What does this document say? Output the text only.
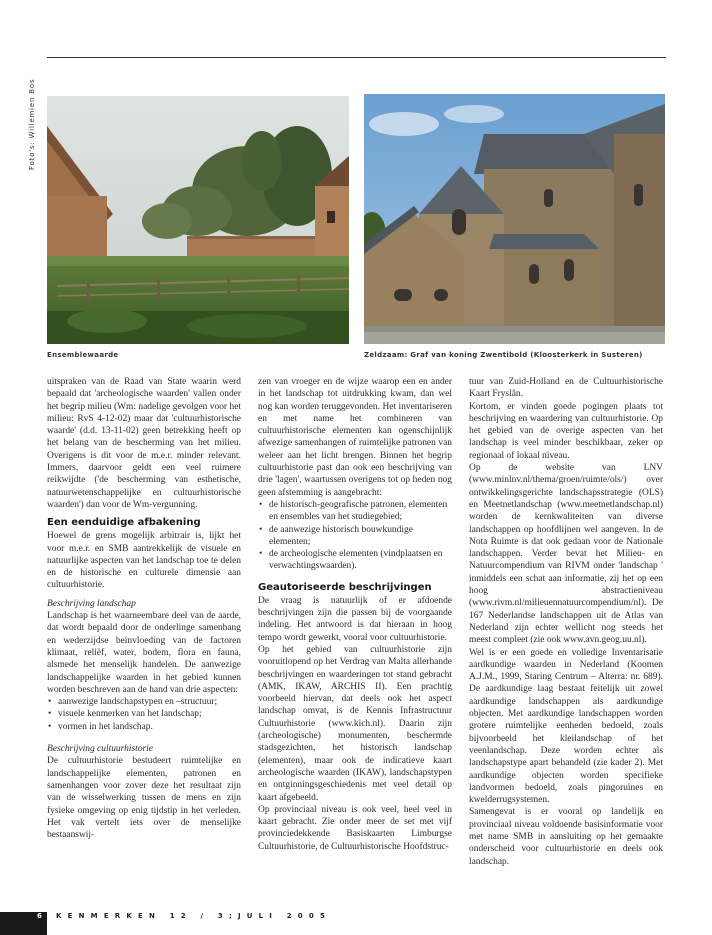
Foto's: Willemien Bos
Ensemblewaarde	Zeldzaam: Graf van koning Zwentibold (Kloosterkerk in Susteren)

uitspraken van de Raad van State waarin werd bepaald dat 'archeologische waarden' vallen onder het begrip milieu (Wm: nadelige gevolgen voor het milieu: RvS 4-12-02) maar dat 'cultuurhistorische waarde' (d.d. 13-11-02) geen betrekking heeft op het belang van de bescherming van het milieu. Overigens is dit voor de m.e.r. minder relevant. Immers, daarvoor geldt een veel ruimere reikwijdte ('de bescherming van esthetische, natuurwetenschappelijke en cultuurhistorische waarden') dan voor de Wm-vergunning.

Een eenduidige afbakening

Hoewel de grens mogelijk arbitrair is, lijkt het voor m.e.r. en SMB aantrekkelijk de visuele en natuurlijke aspecten van het landschap toe te delen en de historische en culturele dimensie aan cultuurhistorie.

Beschrijving landschap

Landschap is het waarneembare deel van de aarde, dat wordt bepaald door de onderlinge samenhang en wederzijdse beïnvloeding van de factoren klimaat, reliëf, water, bodem, flora en fauna, alsmede het menselijk handelen. De aanwezige landschappelijke waarden in het gebied kunnen worden beschreven aan de hand van drie aspecten:

• aanwezige landschapstypen en –structuur;
• visuele kenmerken van het landschap;
• vormen in het landschap.
Beschrijving cultuurhistorie

De cultuurhistorie bestudeert ruimtelijke en landschappelijke elementen, patronen en samenhangen voor zover deze het resultaat zijn van de wisselwerking tussen de mens en zijn fysieke omgeving op enig tijdstip in het verleden. Het vak vertelt iets over de menselijke bestaanswij-

zen van vroeger en de wijze waarop een en ander in het landschap tot uitdrukking kwam, dan wel nog kan worden teruggevonden. Het inventariseren en met name het combineren van cultuurhistorische elementen kan ogenschijnlijk afwezige samenhangen of ruimtelijke patronen van weleer aan het licht brengen. Binnen het begrip cultuurhistorie past dan ook een beschrijving van drie 'lagen', waartussen overigens tot op heden nog geen afstemming is aangebracht:

• de historisch-geografische patronen, elementen en ensembles van het studiegebied;
• de aanwezige historisch bouwkundige elementen;
• de archeologische elementen (vindplaatsen en verwachtingswaarden).
Geautoriseerde beschrijvingen

De vraag is natuurlijk of er afdoende beschrijvingen zijn die passen bij de voorgaande indeling. Het antwoord is dat hieraan in hoog tempo wordt gewerkt, vooral voor cultuurhistorie.

Op het gebied van cultuurhistorie zijn vooruitlopend op het Verdrag van Malta allerhande beschrijvingen en waarderingen tot stand gebracht (AMK, IKAW, ARCHIS II). Een prachtig voorbeeld hiervan, dat deels ook het aspect landschap omvat, is de Kennis Infrastructuur Cultuurhistorie (www.kich.nl). Daarin zijn (archeologische) monumenten, beschermde stadsgezichten, het historisch landschap (elementen), maar ook de indicatieve kaart archeologische waarden (IKAW), landschapstypen en ontginningsgeschiedenis met veel detail op kaart afgebeeld.

Op provinciaal niveau is ook veel, heel veel in kaart gebracht. Zie onder meer de set met vijf provinciedekkende Basiskaarten Limburgse Cultuurhistorie, de Cultuurhistorische Hoofdstruc-

tuur van Zuid-Holland en de Cultuurhistorische Kaart Fryslân.

Kortom, er vinden goede pogingen plaats tot beschrijving en waardering van cultuurhistorie. Op het gebied van de overige aspecten van het landschap is veel minder beschikbaar, zeker op regionaal of lokaal niveau.

Op de website van LNV (www.minlnv.nl/thema/groen/ruimte/ols/) over ontwikkelingsgerichte landschapsstrategie (OLS) en Meetnetlandschap (www.meetnetlandschap.nl) worden de kernkwaliteiten van diverse landschappen op hoofdlijnen wel aangeven. In de Nota Ruimte is dat ook gedaan voor de Nationale landschappen. Verder bevat het Milieu- en Natuurcompendium van RIVM onder 'landschap ' inmiddels een schat aan informatie, zij het op een hoog abstractieniveau (www.rivm.nl/milieuennatuurcompendium/nl). De 167 Nederlandse landschappen uit de Atlas van Nederland zijn echter wellicht nog steeds het meest compleet (zie ook www.avn.geog.uu.nl).

Wel is er een goede en volledige Inventarisatie aardkundige waarden in Nederland (Koomen A.J.M., 1999, Staring Centrum – Alterra: nr. 689). De aardkundige laag bestaat feitelijk uit zowel aardkundige landschappen als aardkundige objecten. Met aardkundige landschappen worden grotere ruimtelijke eenheden bedoeld, zoals bijvoorbeeld het kleilandschap of het veenlandschap. Deze worden echter als landschapstype apart behandeld (zie kader 2). Met aardkundige objecten worden specifieke landvormen bedoeld, zoals pingoruïnes en kwelderrugsystemen.

Samengevat is er vooral op landelijk en provinciaal niveau voldoende basisinformatie voor met name SMB in aansluiting op het gemaakte onderscheid voor cultuurhistorie en deels ook landschap.

6 KENMERKEN 12 / 3;JULI 2005
